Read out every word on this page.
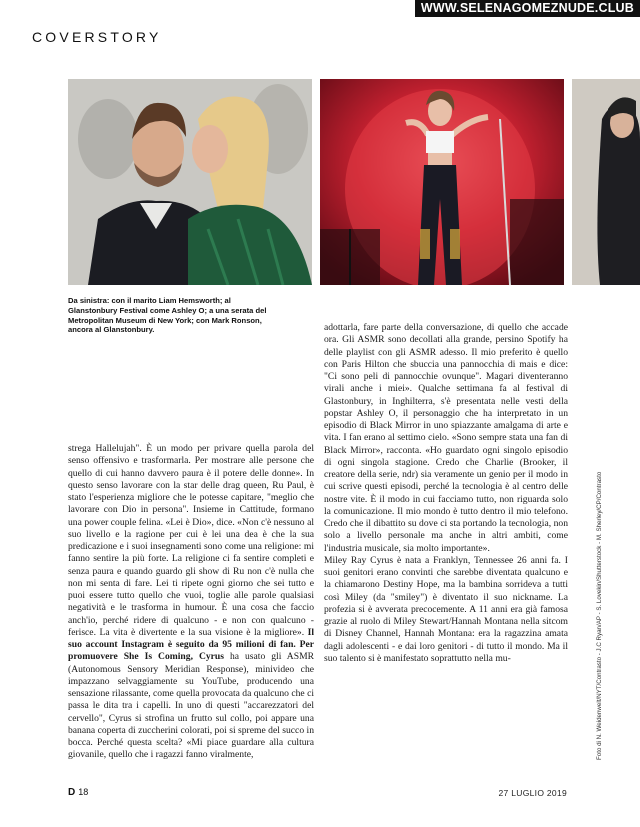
WWW.SELENAGOMEZNUDE.CLUB
COVERSTORY
Da sinistra: con il marito Liam Hemsworth; al Glanstonbury Festival come Ashley O; a una serata del Metropolitan Museum di New York; con Mark Ronson, ancora al Glanstonbury.

strega Hallelujah". È un modo per privare quella parola del senso offensivo e trasformarla. Per mostrare alle persone che quello di cui hanno davvero paura è il potere delle donne». In questo senso lavorare con la star delle drag queen, Ru Paul, è stato l'esperienza migliore che le potesse capitare, "meglio che lavorare con Dio in persona". Insieme in Cattitude, formano una power couple felina. «Lei è Dio», dice. «Non c'è nessuno al suo livello e la ragione per cui è lei una dea è che la sua predicazione e i suoi insegnamenti sono come una religione: mi fanno sentire la più forte. La religione ci fa sentire completi e senza paura e quando guardo gli show di Ru non c'è nulla che non mi senta di fare. Lei ti ripete ogni giorno che sei tutto e puoi essere tutto quello che vuoi, toglie alle parole qualsiasi negatività e le trasforma in humour. È una cosa che faccio anch'io, perché ridere di qualcuno - e non con qualcuno - ferisce. La vita è divertente e la sua visione è la migliore». Il suo account Instagram è seguito da 95 milioni di fan. Per promuovere She Is Coming, Cyrus ha usato gli ASMR (Autonomous Sensory Meridian Response), minivideo che impazzano selvaggiamente su YouTube, producendo una sensazione rilassante, come quella provocata da qualcuno che ci passa le dita tra i capelli. In uno di questi "accarezzatori del cervello", Cyrus si strofina un frutto sul collo, poi appare una banana coperta di zuccherini colorati, poi si spreme del succo in bocca. Perché questa scelta? «Mi piace guardare alla cultura giovanile, quello che i ragazzi fanno viralmente,

adottarla, fare parte della conversazione, di quello che accade ora. Gli ASMR sono decollati alla grande, persino Spotify ha delle playlist con gli ASMR adesso. Il mio preferito è quello con Paris Hilton che sbuccia una pannocchia di mais e dice: "Ci sono peli di pannocchie ovunque". Magari diventeranno virali anche i miei». Qualche settimana fa al festival di Glastonbury, in Inghilterra, s'è presentata nelle vesti della popstar Ashley O, il personaggio che ha interpretato in un episodio di Black Mirror in uno spiazzante amalgama di arte e vita. I fan erano al settimo cielo. «Sono sempre stata una fan di Black Mirror», racconta. «Ho guardato ogni singolo episodio di ogni singola stagione. Credo che Charlie (Brooker, il creatore della serie, ndr) sia veramente un genio per il modo in cui scrive questi episodi, perché la tecnologia è al centro delle nostre vite. È il modo in cui facciamo tutto, non riguarda solo la comunicazione. Il mio mondo è tutto dentro il mio telefono. Credo che il dibattito su dove ci sta portando la tecnologia, non solo a livello personale ma anche in altri ambiti, come l'industria musicale, sia molto importante».

Miley Ray Cyrus è nata a Franklyn, Tennessee 26 anni fa. I suoi genitori erano convinti che sarebbe diventata qualcuno e la chiamarono Destiny Hope, ma la bambina sorrideva a tutti così Miley (da "smiley") è diventato il suo nickname. La profezia si è avverata precocemente. A 11 anni era già famosa grazie al ruolo di Miley Stewart/Hannah Montana nella sitcom di Disney Channel, Hannah Montana: era la ragazzina amata dagli adolescenti - e dai loro genitori - di tutto il mondo. Ma il suo talento si è manifestato soprattutto nella mu-	Foto di N. Weidenwelt/NYT/Contrasto - J.C Ryan/AP - S. Lovekin/Shutterstock - M. Sherley/CP/Contrasto
D 18	27 LUGLIO 2019
